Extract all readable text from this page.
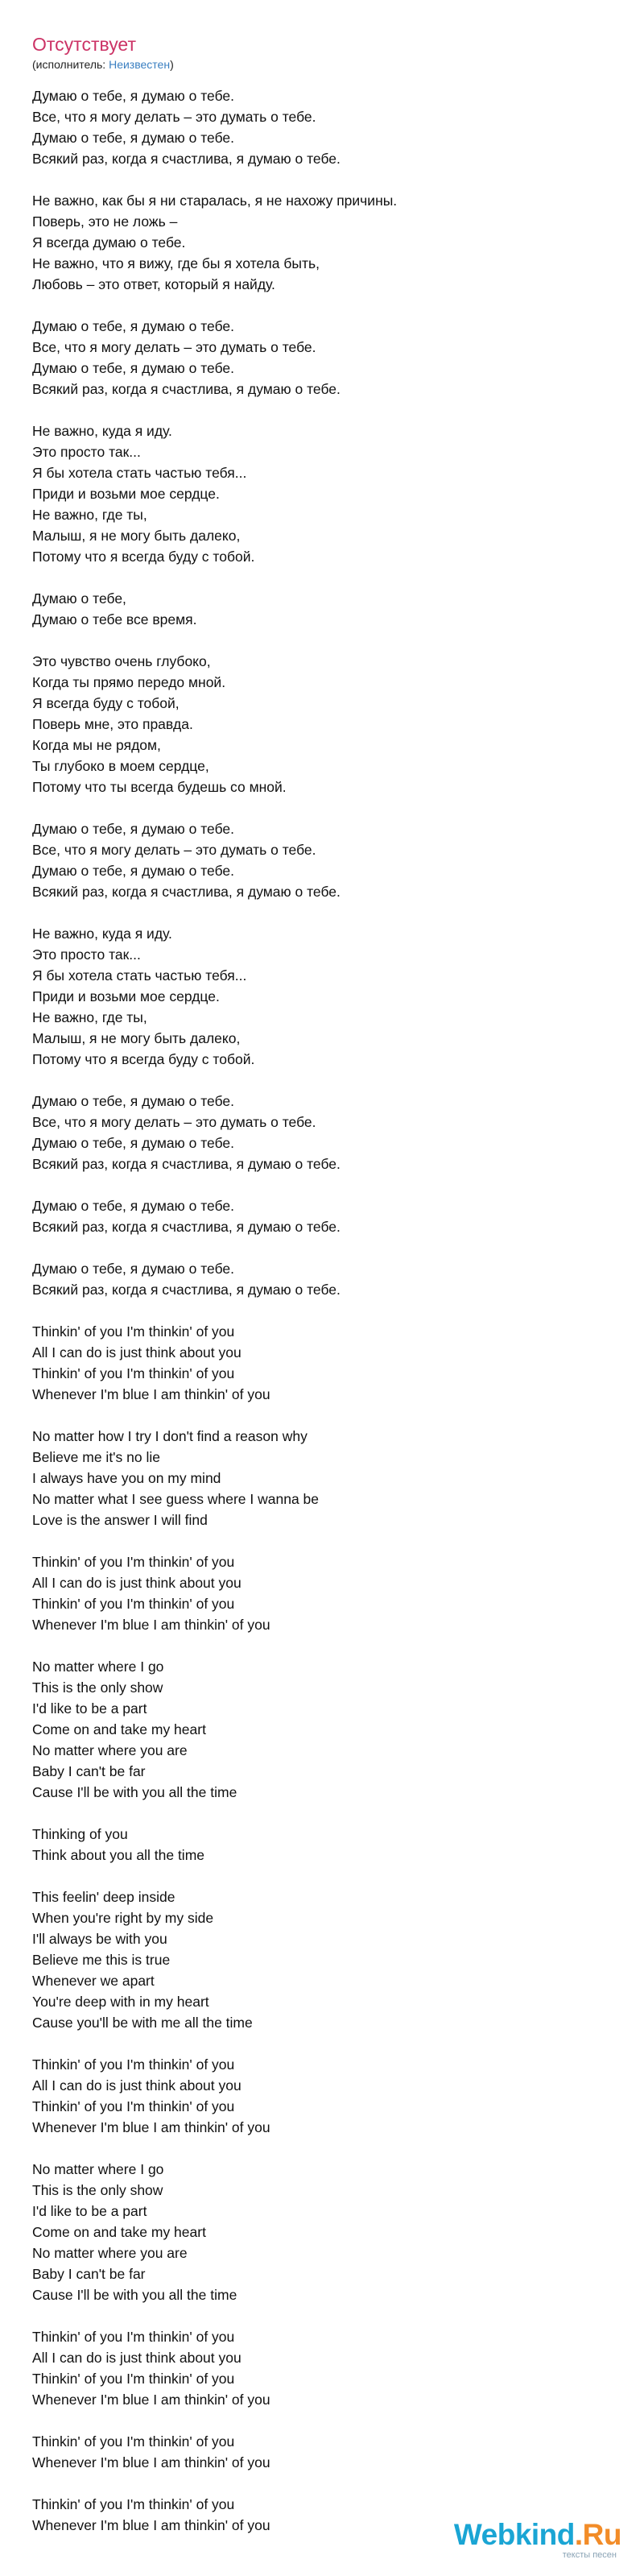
Отсутствует
(исполнитель: Неизвестен)
Думаю о тебе, я думаю о тебе.
Все, что я могу делать – это думать о тебе.
Думаю о тебе, я думаю о тебе.
Всякий раз, когда я счастлива, я думаю о тебе.
Не важно, как бы я ни старалась, я не нахожу причины.
Поверь, это не ложь –
Я всегда думаю о тебе.
Не важно, что я вижу, где бы я хотела быть,
Любовь – это ответ, который я найду.
Думаю о тебе, я думаю о тебе.
Все, что я могу делать – это думать о тебе.
Думаю о тебе, я думаю о тебе.
Всякий раз, когда я счастлива, я думаю о тебе.
Не важно, куда я иду.
Это просто так...
Я бы хотела стать частью тебя...
Приди и возьми мое сердце.
Не важно, где ты,
Малыш, я не могу быть далеко,
Потому что я всегда буду с тобой.
Думаю о тебе,
Думаю о тебе все время.
Это чувство очень глубоко,
Когда ты прямо передо мной.
Я всегда буду с тобой,
Поверь мне, это правда.
Когда мы не рядом,
Ты глубоко в моем сердце,
Потому что ты всегда будешь со мной.
Думаю о тебе, я думаю о тебе.
Все, что я могу делать – это думать о тебе.
Думаю о тебе, я думаю о тебе.
Всякий раз, когда я счастлива, я думаю о тебе.
Не важно, куда я иду.
Это просто так...
Я бы хотела стать частью тебя...
Приди и возьми мое сердце.
Не важно, где ты,
Малыш, я не могу быть далеко,
Потому что я всегда буду с тобой.
Думаю о тебе, я думаю о тебе.
Все, что я могу делать – это думать о тебе.
Думаю о тебе, я думаю о тебе.
Всякий раз, когда я счастлива, я думаю о тебе.
Думаю о тебе, я думаю о тебе.
Всякий раз, когда я счастлива, я думаю о тебе.
Думаю о тебе, я думаю о тебе.
Всякий раз, когда я счастлива, я думаю о тебе.
Thinkin' of you I'm thinkin' of you
All I can do is just think about you
Thinkin' of you I'm thinkin' of you
Whenever I'm blue I am thinkin' of you
No matter how I try I don't find a reason why
Believe me it's no lie
I always have you on my mind
No matter what I see guess where I wanna be
Love is the answer I will find
Thinkin' of you I'm thinkin' of you
All I can do is just think about you
Thinkin' of you I'm thinkin' of you
Whenever I'm blue I am thinkin' of you
No matter where I go
This is the only show
I'd like to be a part
Come on and take my heart
No matter where you are
Baby I can't be far
Cause I'll be with you all the time
Thinking of you
Think about you all the time
This feelin' deep inside
When you're right by my side
I'll always be with you
Believe me this is true
Whenever we apart
You're deep with in my heart
Cause you'll be with me all the time
Thinkin' of you I'm thinkin' of you
All I can do is just think about you
Thinkin' of you I'm thinkin' of you
Whenever I'm blue I am thinkin' of you
No matter where I go
This is the only show
I'd like to be a part
Come on and take my heart
No matter where you are
Baby I can't be far
Cause I'll be with you all the time
Thinkin' of you I'm thinkin' of you
All I can do is just think about you
Thinkin' of you I'm thinkin' of you
Whenever I'm blue I am thinkin' of you
Thinkin' of you I'm thinkin' of you
Whenever I'm blue I am thinkin' of you
Thinkin' of you I'm thinkin' of you
Whenever I'm blue I am thinkin' of you	Webkind.Ru
тексты песен
